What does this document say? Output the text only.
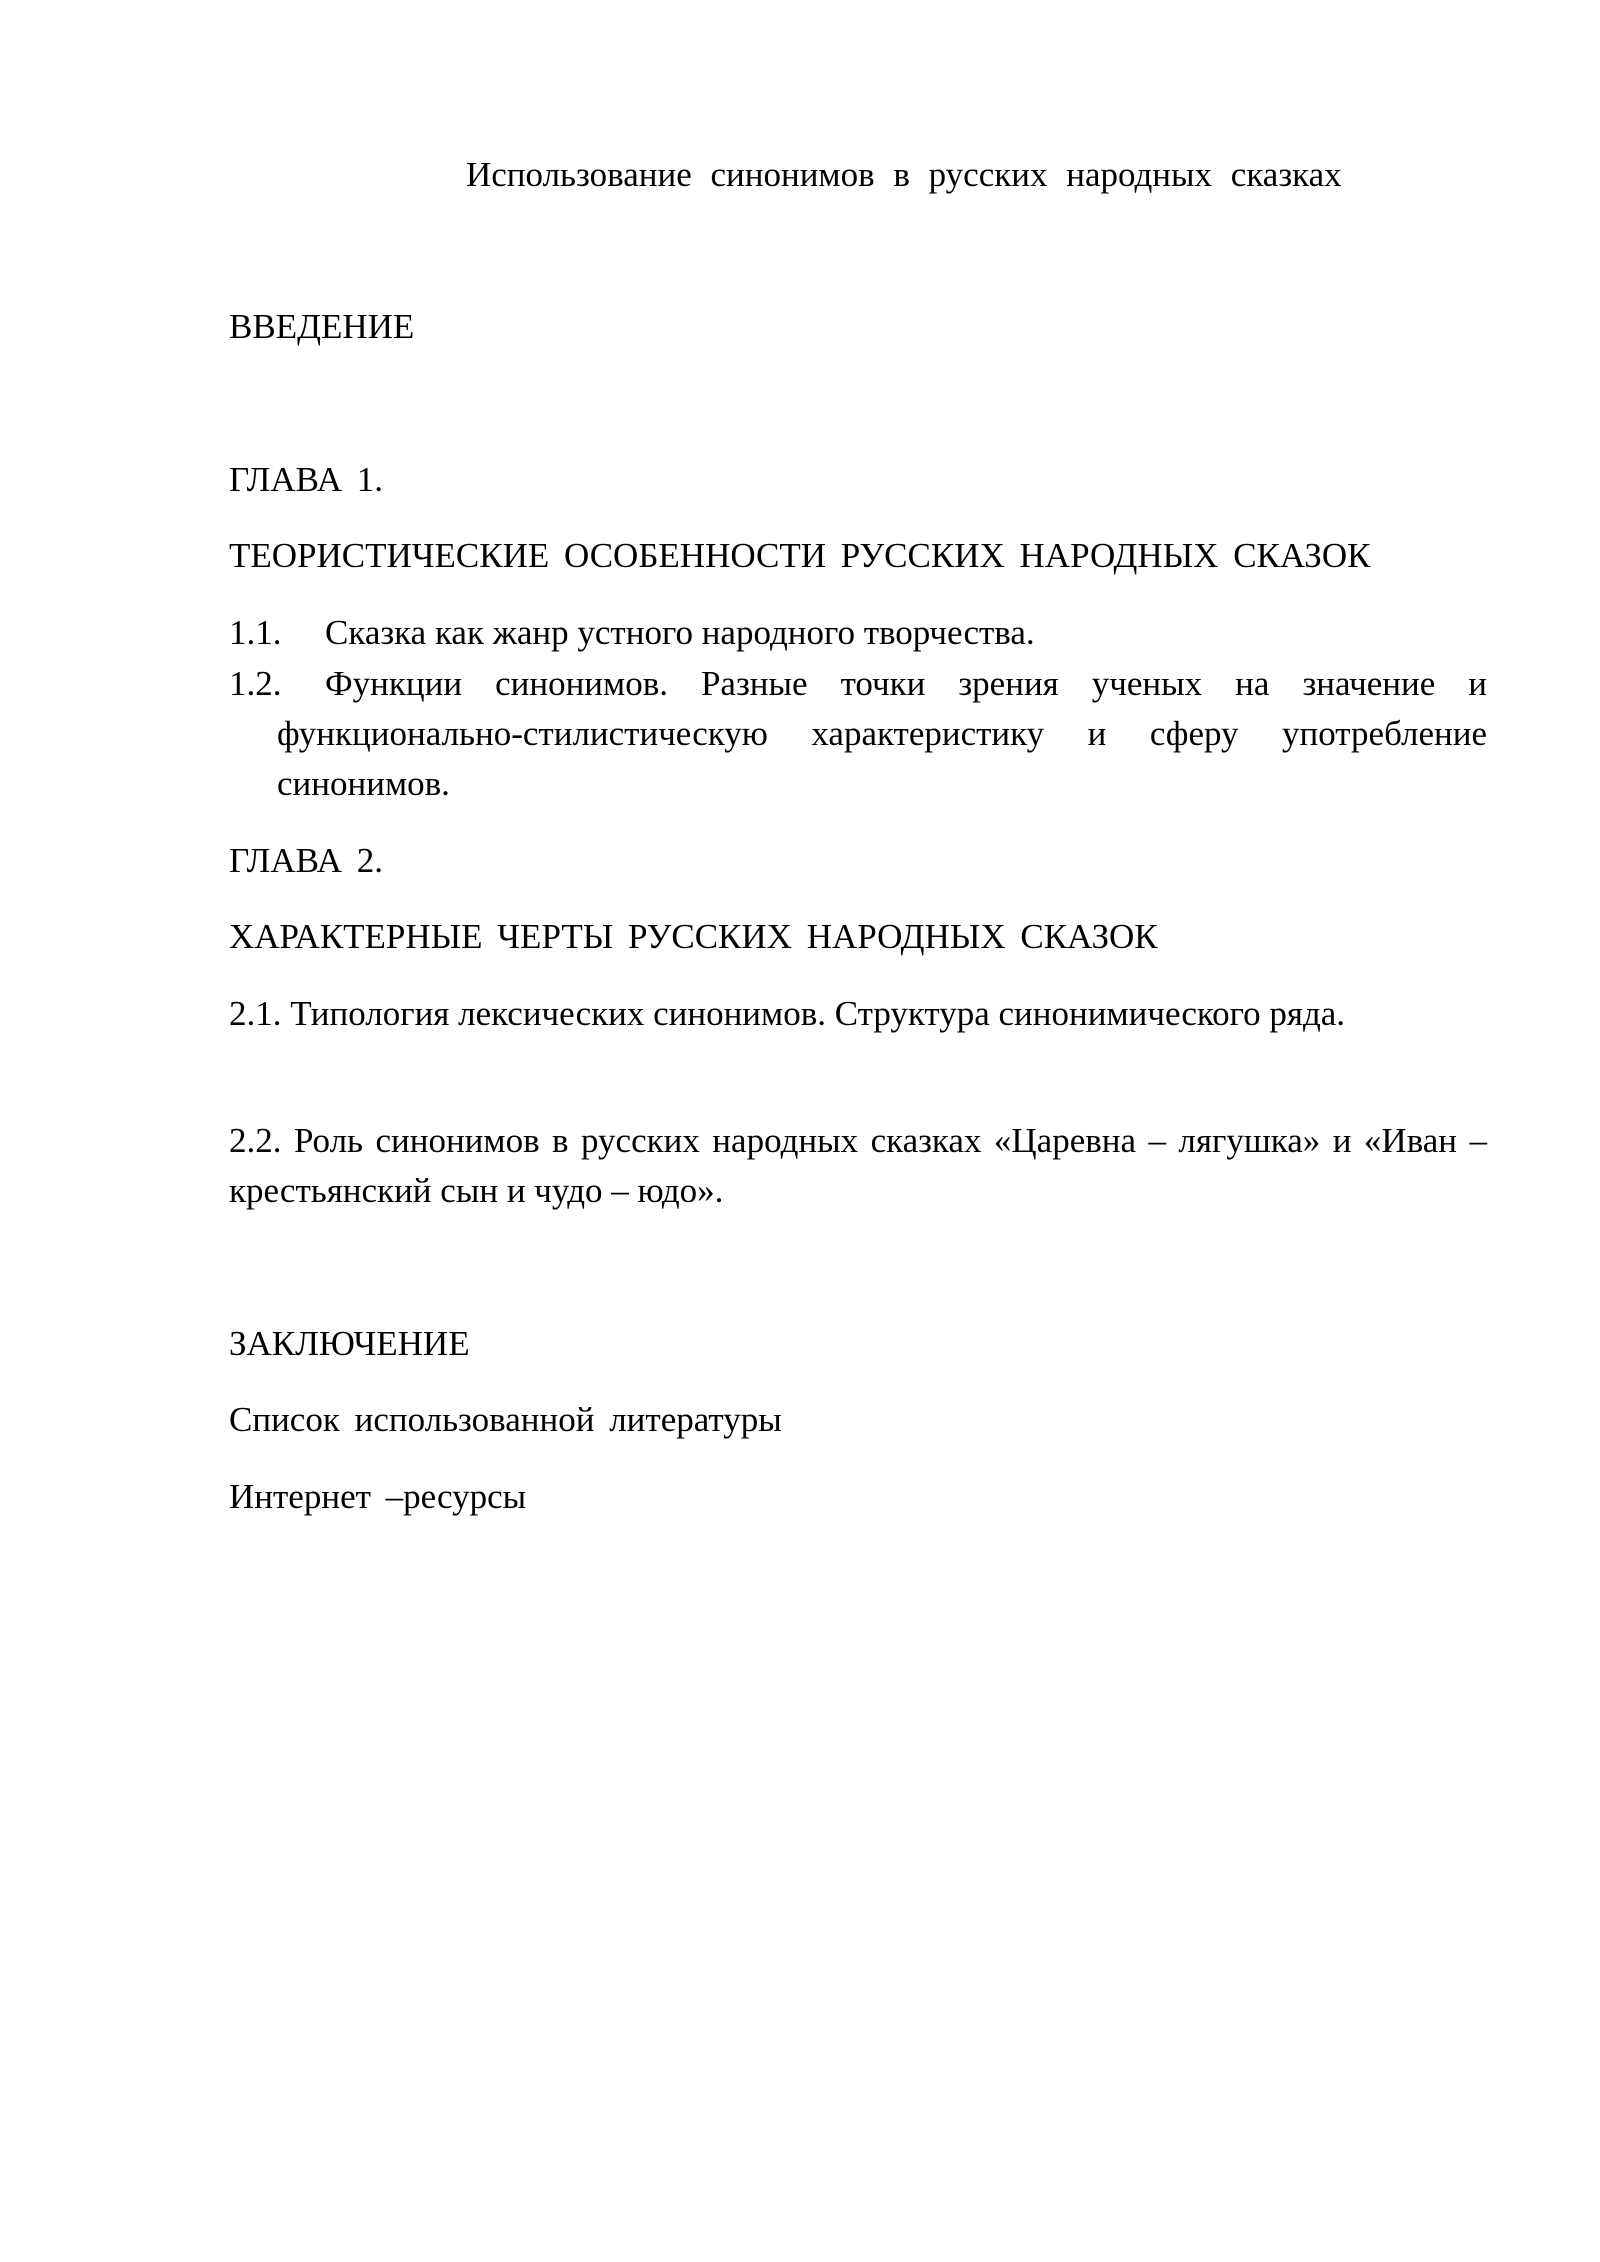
Использование синонимов в русских народных сказках
ВВЕДЕНИЕ
ГЛАВА 1.
ТЕОРИСТИЧЕСКИЕ ОСОБЕННОСТИ РУССКИХ НАРОДНЫХ СКАЗОК
1.1. Сказка как жанр устного народного творчества.
1.2. Функции синонимов. Разные точки зрения ученых на значение и функционально-стилистическую характеристику и сферу употребление синонимов.
ГЛАВА 2.
ХАРАКТЕРНЫЕ ЧЕРТЫ РУССКИХ НАРОДНЫХ СКАЗОК
2.1. Типология лексических синонимов. Структура синонимического ряда.
2.2. Роль синонимов в русских народных сказках «Царевна – лягушка» и «Иван – крестьянский сын и чудо – юдо».
ЗАКЛЮЧЕНИЕ
Список использованной литературы
Интернет –ресурсы
